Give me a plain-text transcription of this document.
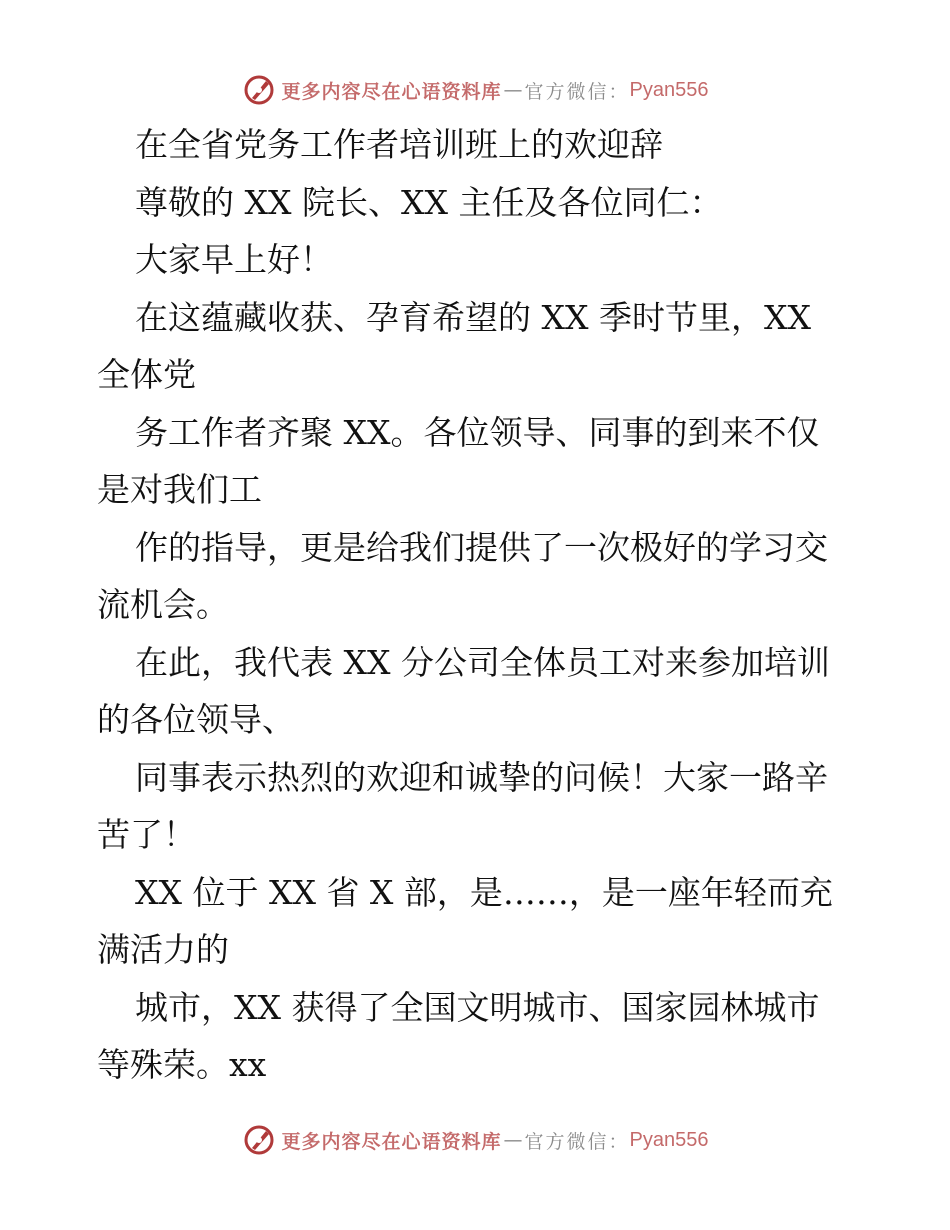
更多内容尽在心语资料库 — 官方微信： Pyan556
在全省党务工作者培训班上的欢迎辞
尊敬的 XX 院长、XX 主任及各位同仁：
大家早上好！
在这蕴藏收获、孕育希望的 XX 季时节里，XX
全体党
务工作者齐聚 XX。各位领导、同事的到来不仅
是对我们工
作的指导，更是给我们提供了一次极好的学习交
流机会。
在此，我代表 XX 分公司全体员工对来参加培训
的各位领导、
同事表示热烈的欢迎和诚挚的问候！大家一路辛
苦了！
XX 位于 XX 省 X 部，是……，是一座年轻而充
满活力的
城市，XX 获得了全国文明城市、国家园林城市
等殊荣。xx
更多内容尽在心语资料库 — 官方微信： Pyan556
